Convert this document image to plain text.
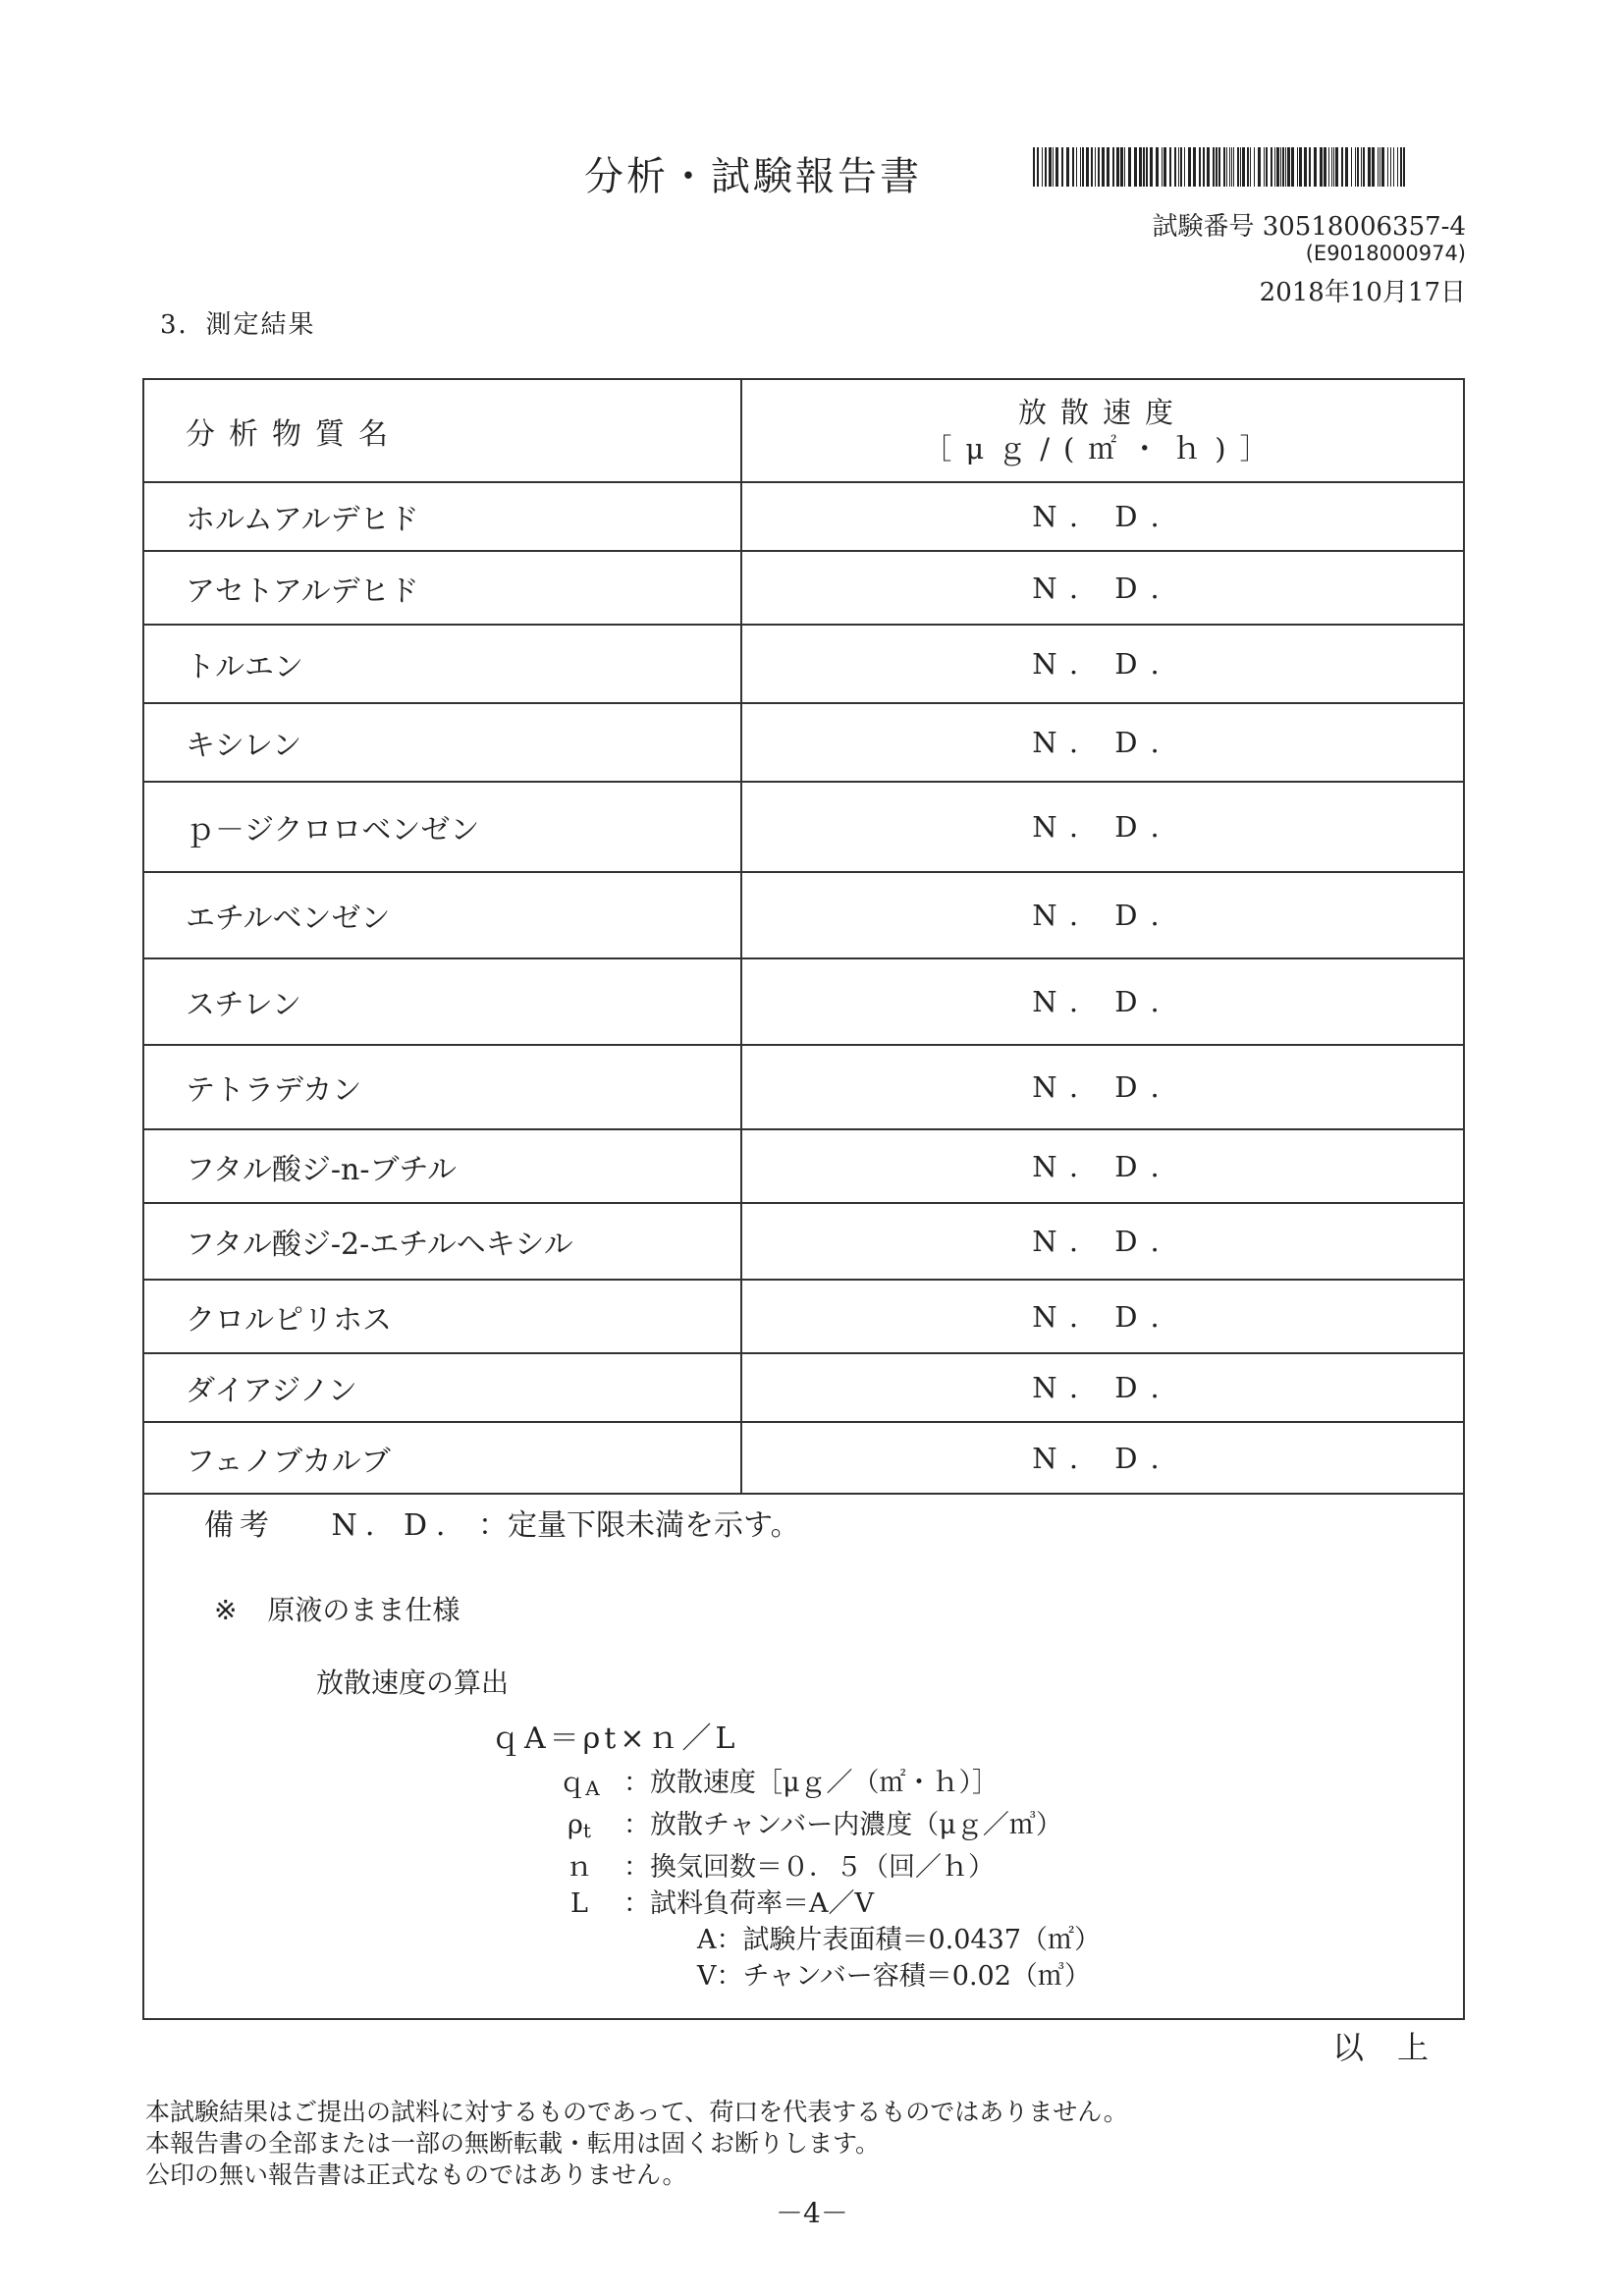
分析・試験報告書
試験番号 30518006357-4
(E9018000974)
2018年10月17日
3．測定結果
分析物質名	放散速度
［μｇ/(㎡・ｈ)］

ホルムアルデヒド	N. D.
アセトアルデヒド	N. D.
トルエン	N. D.
キシレン	N. D.
ｐ－ジクロロベンゼン	N. D.
エチルベンゼン	N. D.
スチレン	N. D.
テトラデカン	N. D.
フタル酸ジ-n-ブチル	N. D.
フタル酸ジ-2-エチルヘキシル	N. D.
クロルピリホス	N. D.
ダイアジノン	N. D.
フェノブカルブ	N. D.
備考 N. D. ：定量下限未満を示す。
※ 原液のまま仕様
放散速度の算出
ｑA＝ρt×ｎ／L
ｑ$_A$ ：放散速度［μｇ／（㎡・ｈ）］
$\rho_t$ ：放散チャンバー内濃度（μｇ／㎥）
ｎ ：換気回数＝０．５（回／ｈ）
L ：試料負荷率＝A／V
A：試験片表面積＝0.0437（㎡）
V：チャンバー容積＝0.02（㎥）
以上
本試験結果はご提出の試料に対するものであって、荷口を代表するものではありません。
本報告書の全部または一部の無断転載・転用は固くお断りします。
公印の無い報告書は正式なものではありません。
－4－
